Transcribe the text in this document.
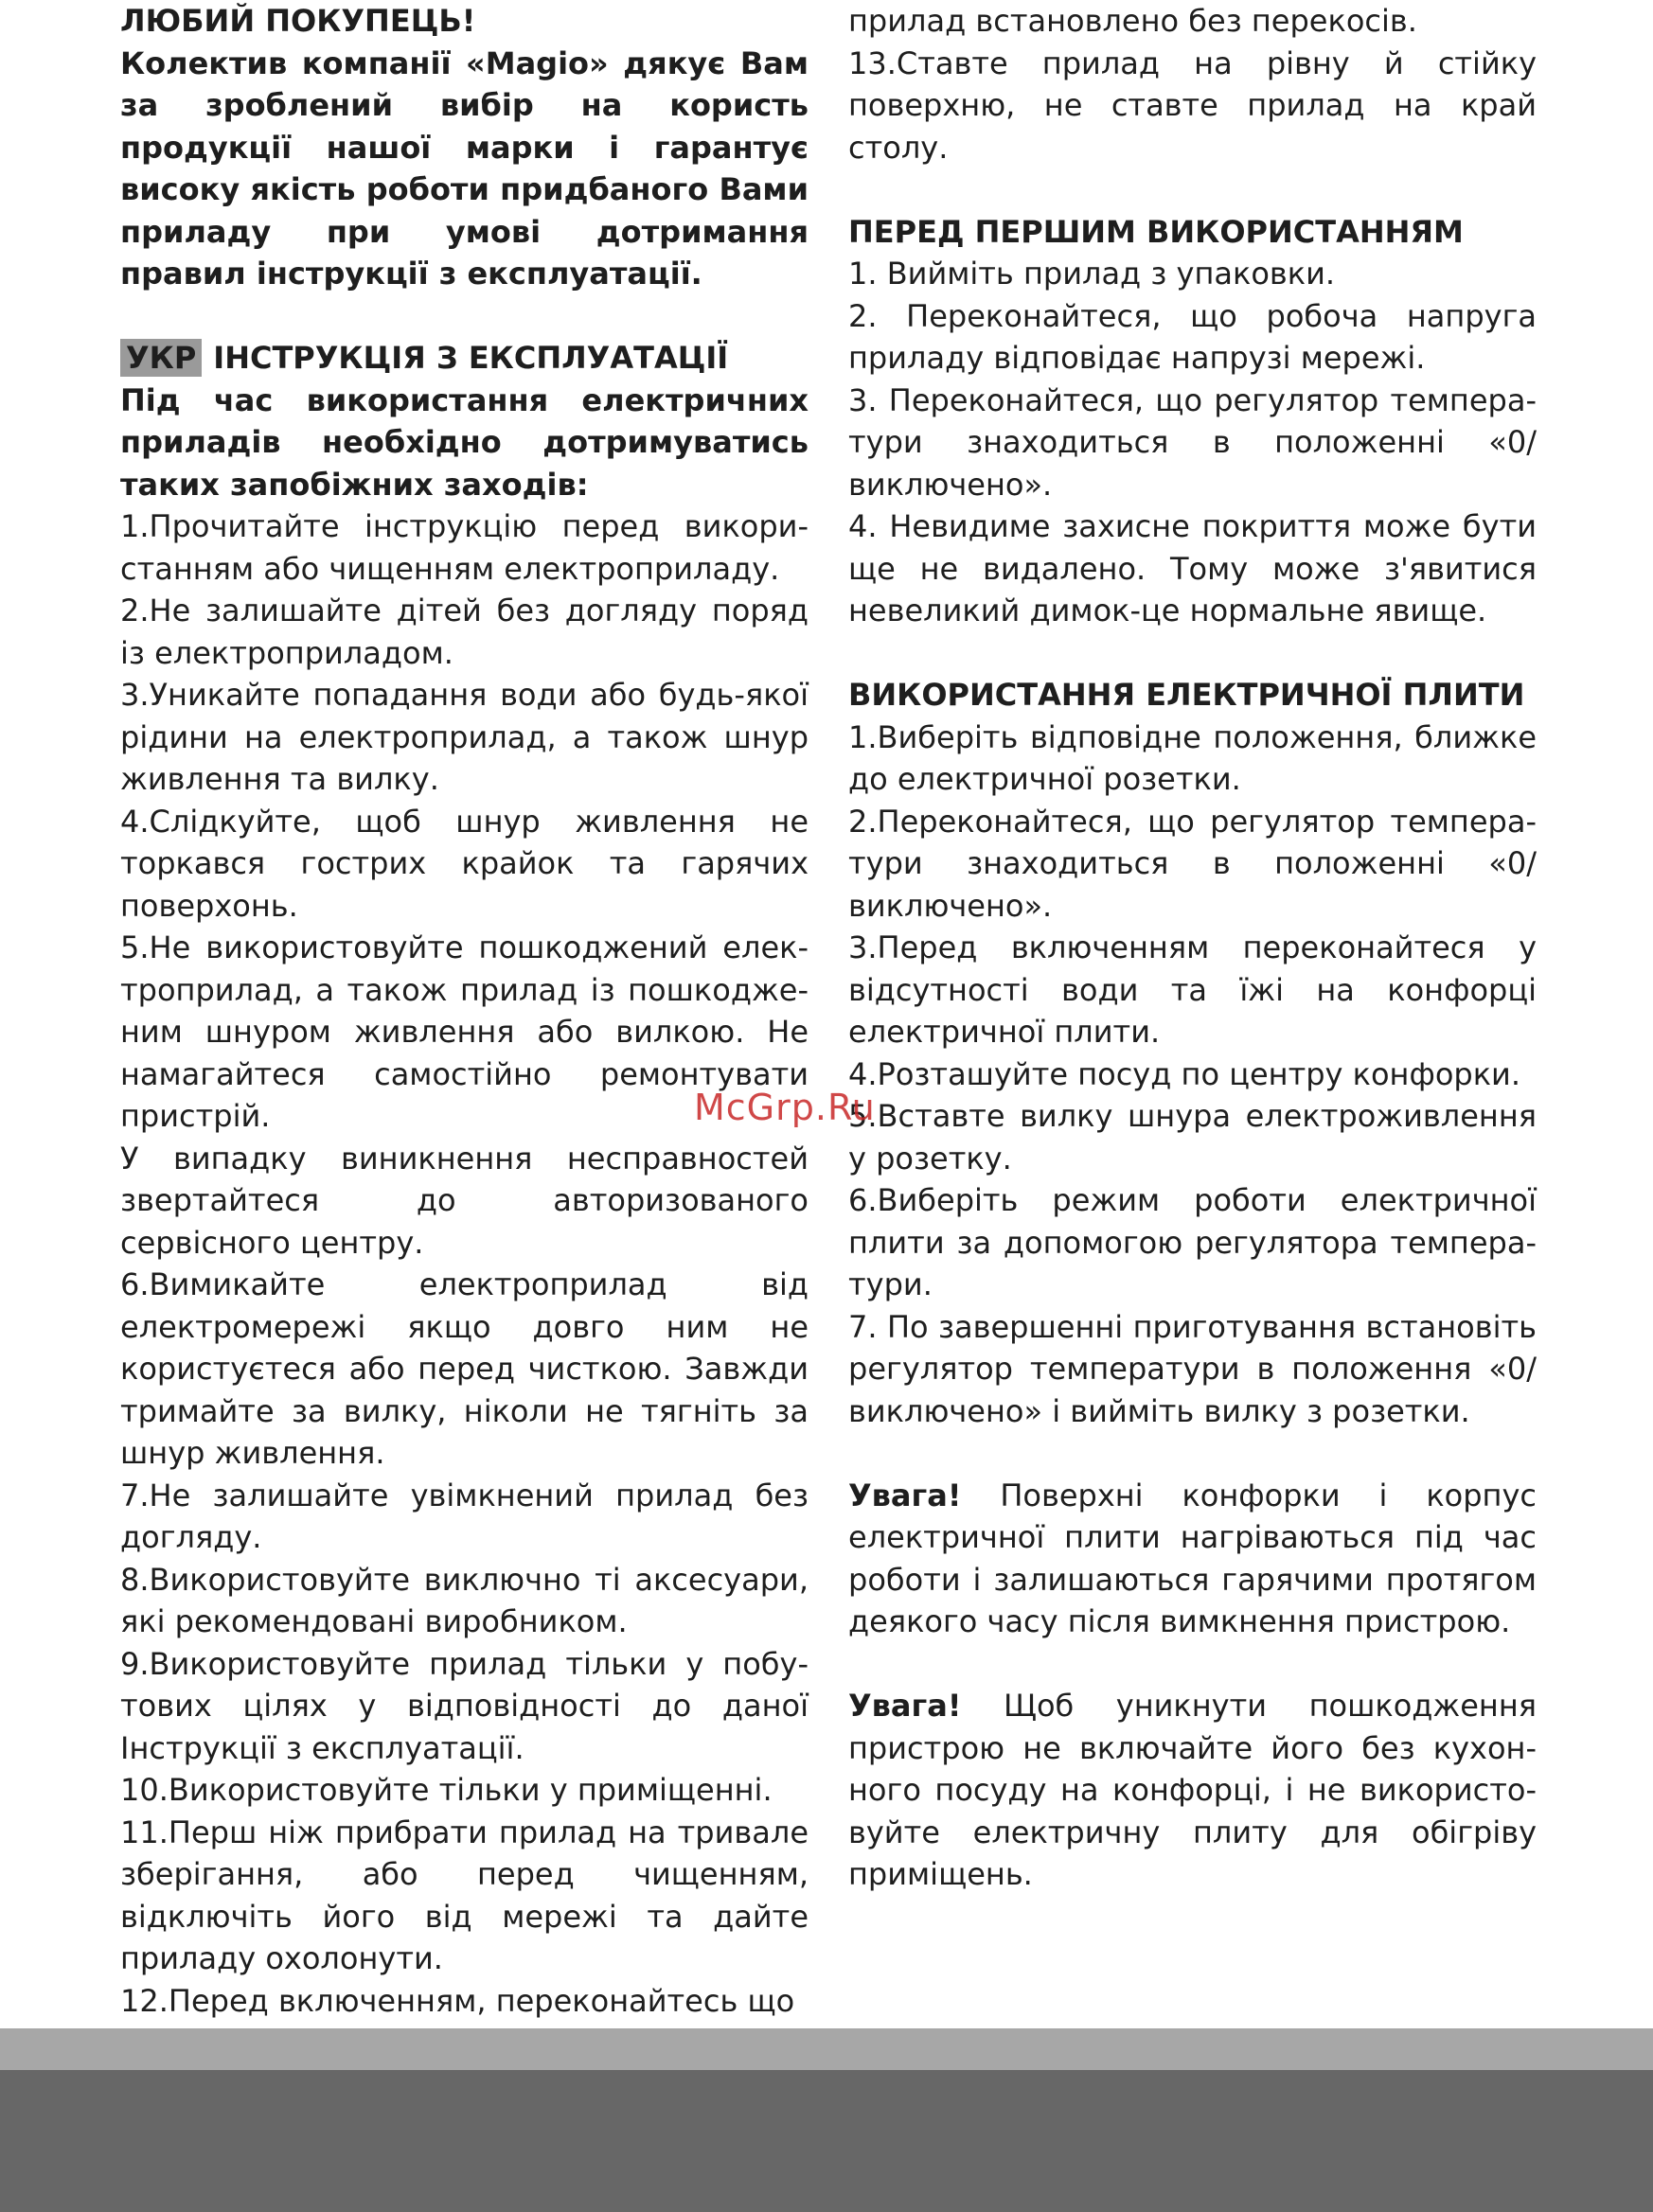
ЛЮБИЙ ПОКУПЕЦЬ!

Колектив компанії «Magio» дякує Вам за зроблений вибір на користь продукції нашої марки і гарантує високу якість роботи придбаного Вами приладу при умові дотримання правил інструкції з експлуатації.

УКР ІНСТРУКЦІЯ З ЕКСПЛУАТАЦІЇ

Під час використання електричних приладів необхідно дотримуватись таких запобіжних заходів:

1.Прочитайте інструкцію перед використанням або чищенням електроприладу.

2.Не залишайте дітей без догляду поряд із електроприладом.

3.Уникайте попадання води або будь-якої рідини на електроприлад, а також шнур живлення та вилку.

4.Слідкуйте, щоб шнур живлення не торкався гострих крайок та гарячих поверхонь.

5.Не використовуйте пошкоджений електроприлад, а також прилад із пошкодженим шнуром живлення або вилкою. Не намагайтеся самостійно ремонтувати пристрій.

У випадку виникнення несправностей звертайтеся до авторизованого сервісного центру.

6.Вимикайте електроприлад від електромережі якщо довго ним не користуєтеся або перед чисткою. Завжди тримайте за вилку, ніколи не тягніть за шнур живлення.

7.Не залишайте увімкнений прилад без догляду.

8.Використовуйте виключно ті аксесуари, які рекомендовані виробником.

9.Використовуйте прилад тільки у побутових цілях у відповідності до даної Інструкції з експлуатації.

10.Використовуйте тільки у приміщенні.

11.Перш ніж прибрати прилад на тривале зберігання, або перед чищенням, відключіть його від мережі та дайте приладу охолонути.

12.Перед включенням, переконайтесь що

прилад встановлено без перекосів.

13.Ставте прилад на рівну й стійку поверхню, не ставте прилад на край столу.

ПЕРЕД ПЕРШИМ ВИКОРИСТАННЯМ

1. Вийміть прилад з упаковки.

2. Переконайтеся, що робоча напруга приладу відповідає напрузі мережі.

3. Переконайтеся, що регулятор температури знаходиться в положенні «0/виключено».

4. Невидиме захисне покриття може бути ще не видалено. Тому може з'явитися невеликий димок-це нормальне явище.

ВИКОРИСТАННЯ ЕЛЕКТРИЧНОЇ ПЛИТИ

1.Виберіть відповідне положення, ближке до електричної розетки.

2.Переконайтеся, що регулятор температури знаходиться в положенні «0/виключено».

3.Перед включенням переконайтеся у відсутності води та їжі на конфорці електричної плити.

4.Розташуйте посуд по центру конфорки.

5.Вставте вилку шнура електроживлення у розетку.

6.Виберіть режим роботи електричної плити за допомогою регулятора температури.

7. По завершенні приготування встановіть регулятор температури в положення «0/виключено» і вийміть вилку з розетки.

Увага! Поверхні конфорки і корпус електричної плити нагріваються під час роботи і залишаються гарячими протягом деякого часу після вимкнення пристрою.

Увага! Щоб уникнути пошкодження пристрою не включайте його без кухонного посуду на конфорці, і не використовуйте електричну плиту для обігріву приміщень.

McGrp.Ru
